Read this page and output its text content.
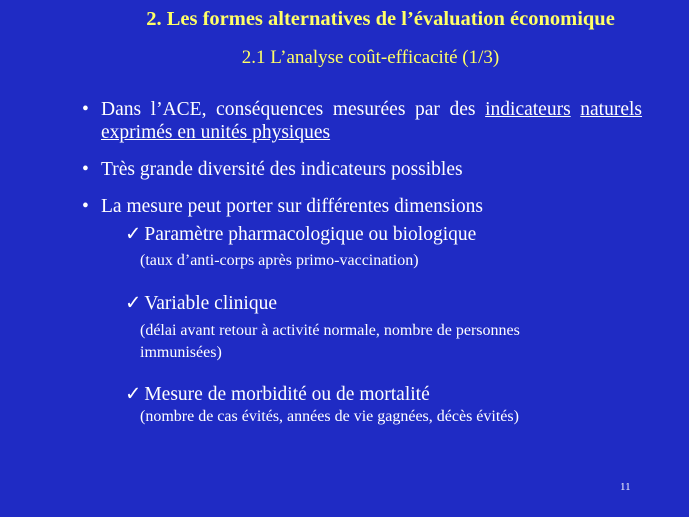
2. Les formes alternatives de l’évaluation économique
2.1 L’analyse coût-efficacité (1/3)
• Dans l’ACE, conséquences mesurées par des indicateurs naturels exprimés en unités physiques
• Très grande diversité des indicateurs possibles
• La mesure peut porter sur différentes dimensions
✓ Paramètre pharmacologique ou biologique
(taux d’anti-corps après primo-vaccination)
✓ Variable clinique
(délai avant retour à activité normale, nombre de personnes
immunisées)
✓ Mesure de morbidité ou de mortalité
(nombre de cas évités, années de vie gagnées, décès évités)
11
